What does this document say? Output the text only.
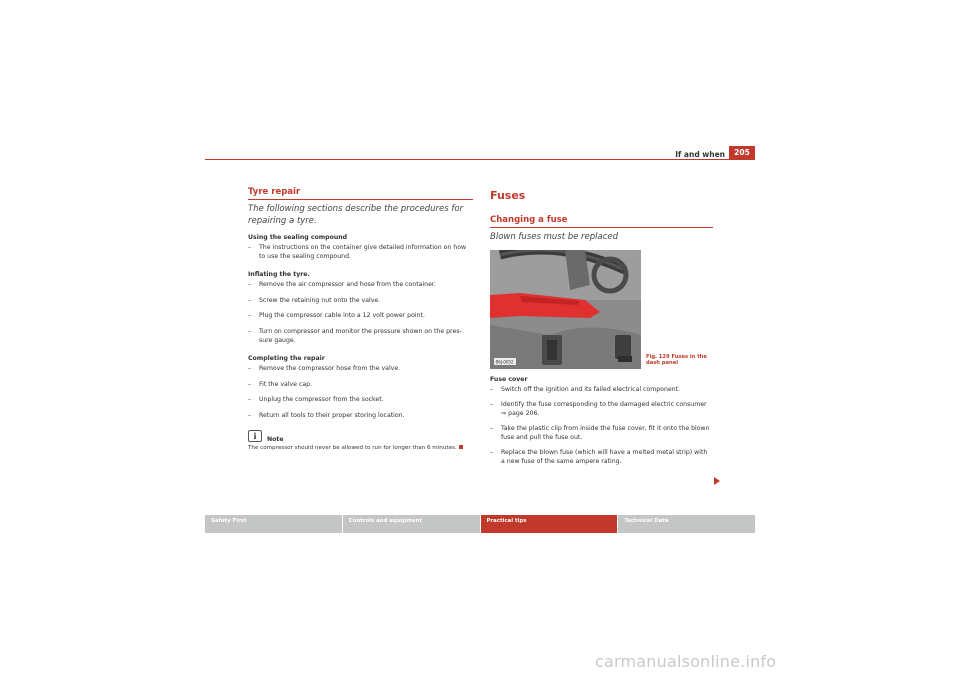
If and when	205
Tyre repair
The following sections describe the procedures for repairing a tyre.
Using the sealing compound
– The instructions on the container give detailed information on how to use the sealing compound.
Inflating the tyre.
– Remove the air compressor and hose from the container.
– Screw the retaining nut onto the valve.
– Plug the compressor cable into a 12 volt power point.
– Turn on compressor and monitor the pressure shown on the pres- sure gauge.
Completing the repair
– Remove the compressor hose from the valve.
– Fit the valve cap.
– Unplug the compressor from the socket.
– Return all tools to their proper storing location.
i	Note
The compressor should never be allowed to run for longer than 6 minutes.
Fuses
Changing a fuse
Blown fuses must be replaced
B6J-0052
Fig. 129 Fuses in the dash panel
Fuse cover
– Switch off the ignition and its failed electrical component.
– Identify the fuse corresponding to the damaged electric consumer ⇒ page 206.
– Take the plastic clip from inside the fuse cover, fit it onto the blown fuse and pull the fuse out.
– Replace the blown fuse (which will have a melted metal strip) with a new fuse of the same ampere rating.
Safety First	Controls and equipment	Practical tips	Technical Data
carmanualsonline.info
